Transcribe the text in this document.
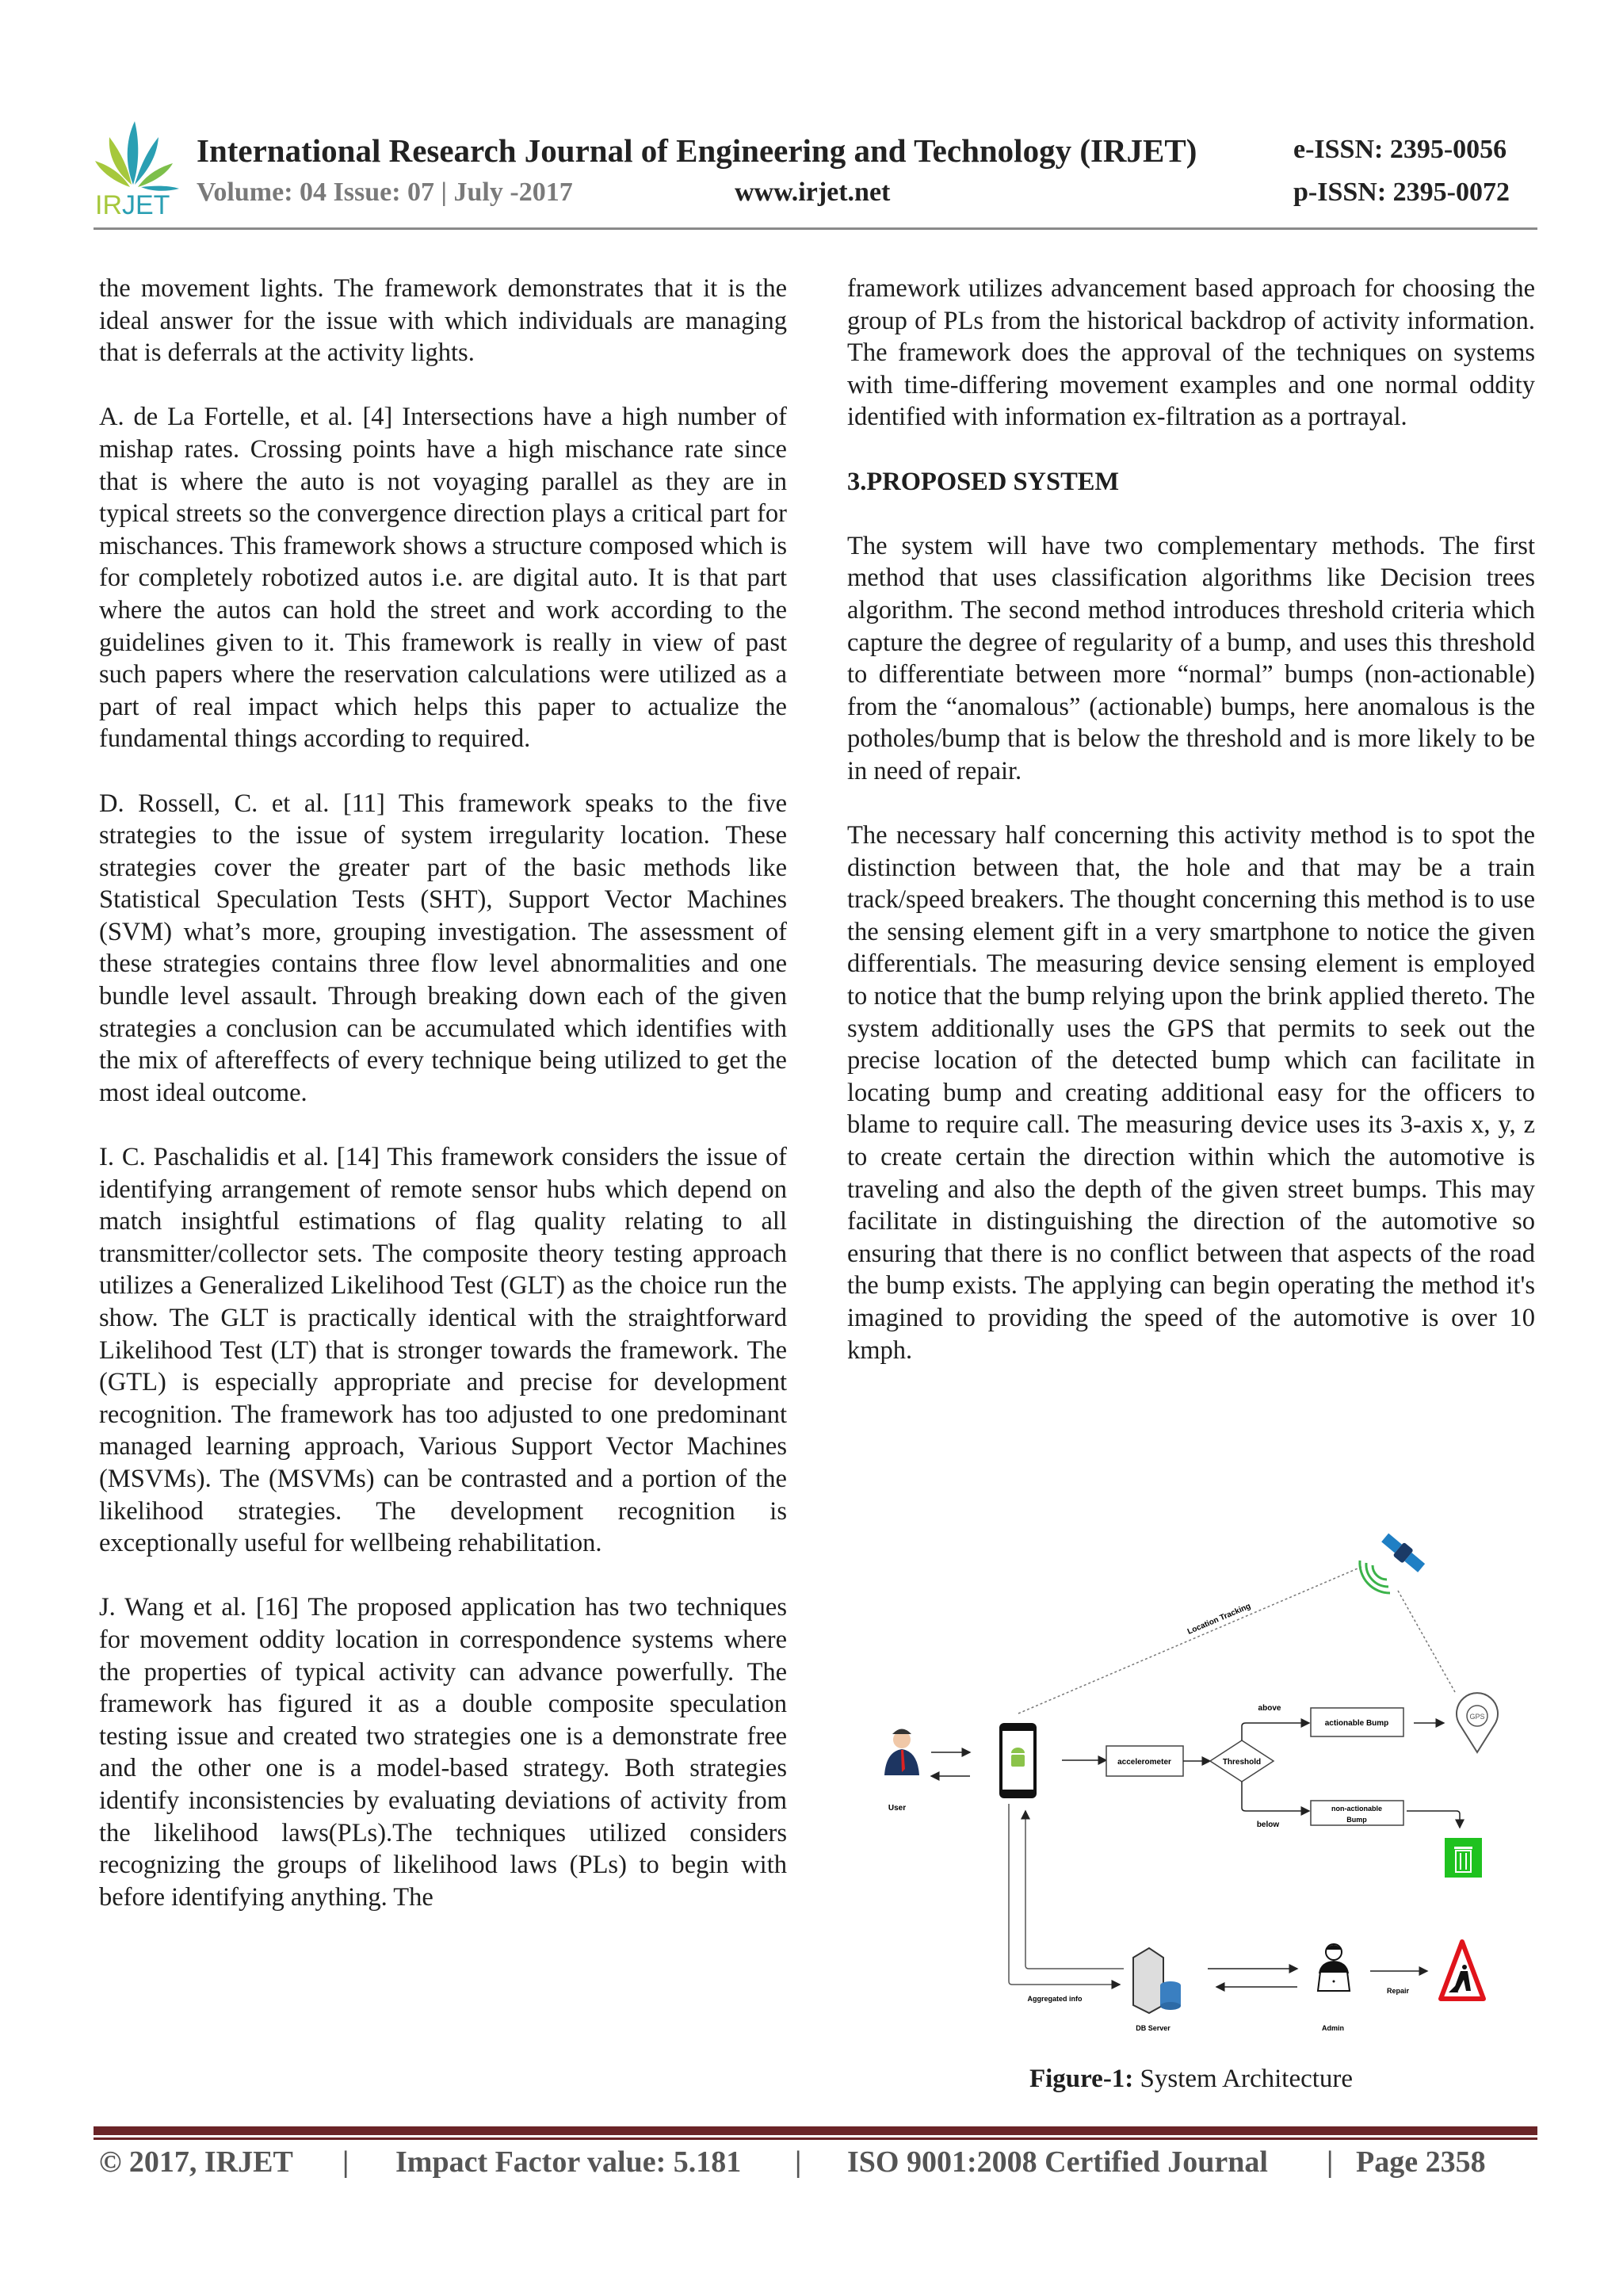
IRJET
International Research Journal of Engineering and Technology (IRJET)
Volume: 04 Issue: 07 | July -2017	www.irjet.net
e-ISSN: 2395-0056
p-ISSN: 2395-0072

the movement lights. The framework demonstrates that it is the ideal answer for the issue with which individuals are managing that is deferrals at the activity lights.

A. de La Fortelle, et al. [4] Intersections have a high number of mishap rates. Crossing points have a high mischance rate since that is where the auto is not voyaging parallel as they are in typical streets so the convergence direction plays a critical part for mischances. This framework shows a structure composed which is for completely robotized autos i.e. are digital auto. It is that part where the autos can hold the street and work according to the guidelines given to it. This framework is really in view of past such papers where the reservation calculations were utilized as a part of real impact which helps this paper to actualize the fundamental things according to required.

D. Rossell, C. et al. [11] This framework speaks to the five strategies to the issue of system irregularity location. These strategies cover the greater part of the basic methods like Statistical Speculation Tests (SHT), Support Vector Machines (SVM) what’s more, grouping investigation. The assessment of these strategies contains three flow level abnormalities and one bundle level assault. Through breaking down each of the given strategies a conclusion can be accumulated which identifies with the mix of aftereffects of every technique being utilized to get the most ideal outcome.

I. C. Paschalidis et al. [14] This framework considers the issue of identifying arrangement of remote sensor hubs which depend on match insightful estimations of flag quality relating to all transmitter/collector sets. The composite theory testing approach utilizes a Generalized Likelihood Test (GLT) as the choice run the show. The GLT is practically identical with the straightforward Likelihood Test (LT) that is stronger towards the framework. The (GTL) is especially appropriate and precise for development recognition. The framework has too adjusted to one predominant managed learning approach, Various Support Vector Machines (MSVMs). The (MSVMs) can be contrasted and a portion of the likelihood strategies. The development recognition is exceptionally useful for wellbeing rehabilitation.

J. Wang et al. [16] The proposed application has two techniques for movement oddity location in correspondence systems where the properties of typical activity can advance powerfully. The framework has figured it as a double composite speculation testing issue and created two strategies one is a demonstrate free and the other one is a model-based strategy. Both strategies identify inconsistencies by evaluating deviations of activity from the likelihood laws(PLs).The techniques utilized considers recognizing the groups of likelihood laws (PLs) to begin with before identifying anything. The

framework utilizes advancement based approach for choosing the group of PLs from the historical backdrop of activity information. The framework does the approval of the techniques on systems with time-differing movement examples and one normal oddity identified with information ex-filtration as a portrayal.

3.PROPOSED SYSTEM

The system will have two complementary methods. The first method that uses classification algorithms like Decision trees algorithm. The second method introduces threshold criteria which capture the degree of regularity of a bump, and uses this threshold to differentiate between more “normal” bumps (non-actionable) from the “anomalous” (actionable) bumps, here anomalous is the potholes/bump that is below the threshold and is more likely to be in need of repair.

The necessary half concerning this activity method is to spot the distinction between that, the hole and that may be a train track/speed breakers. The thought concerning this method is to use the sensing element gift in a very smartphone to notice the given differentials. The measuring device sensing element is employed to notice that the bump relying upon the brink applied thereto. The system additionally uses the GPS that permits to seek out the precise location of the detected bump which can facilitate in locating bump and creating additional easy for the officers to blame to require call. The measuring device uses its 3-axis x, y, z to create certain the direction within which the automotive is traveling and also the depth of the given street bumps. This may facilitate in distinguishing the direction of the automotive so ensuring that there is no conflict between that aspects of the road the bump exists. The applying can begin operating the method it's imagined to providing the speed of the automotive is over 10 kmph.

Location Tracking
User
accelerometer	Threshold
above
below
actionable Bump
GPS
non-actionable
Bump
Aggregated info
DB Server	Admin
Repair
Figure-1: System Architecture
© 2017, IRJET | Impact Factor value: 5.181 | ISO 9001:2008 Certified Journal | Page 2358
